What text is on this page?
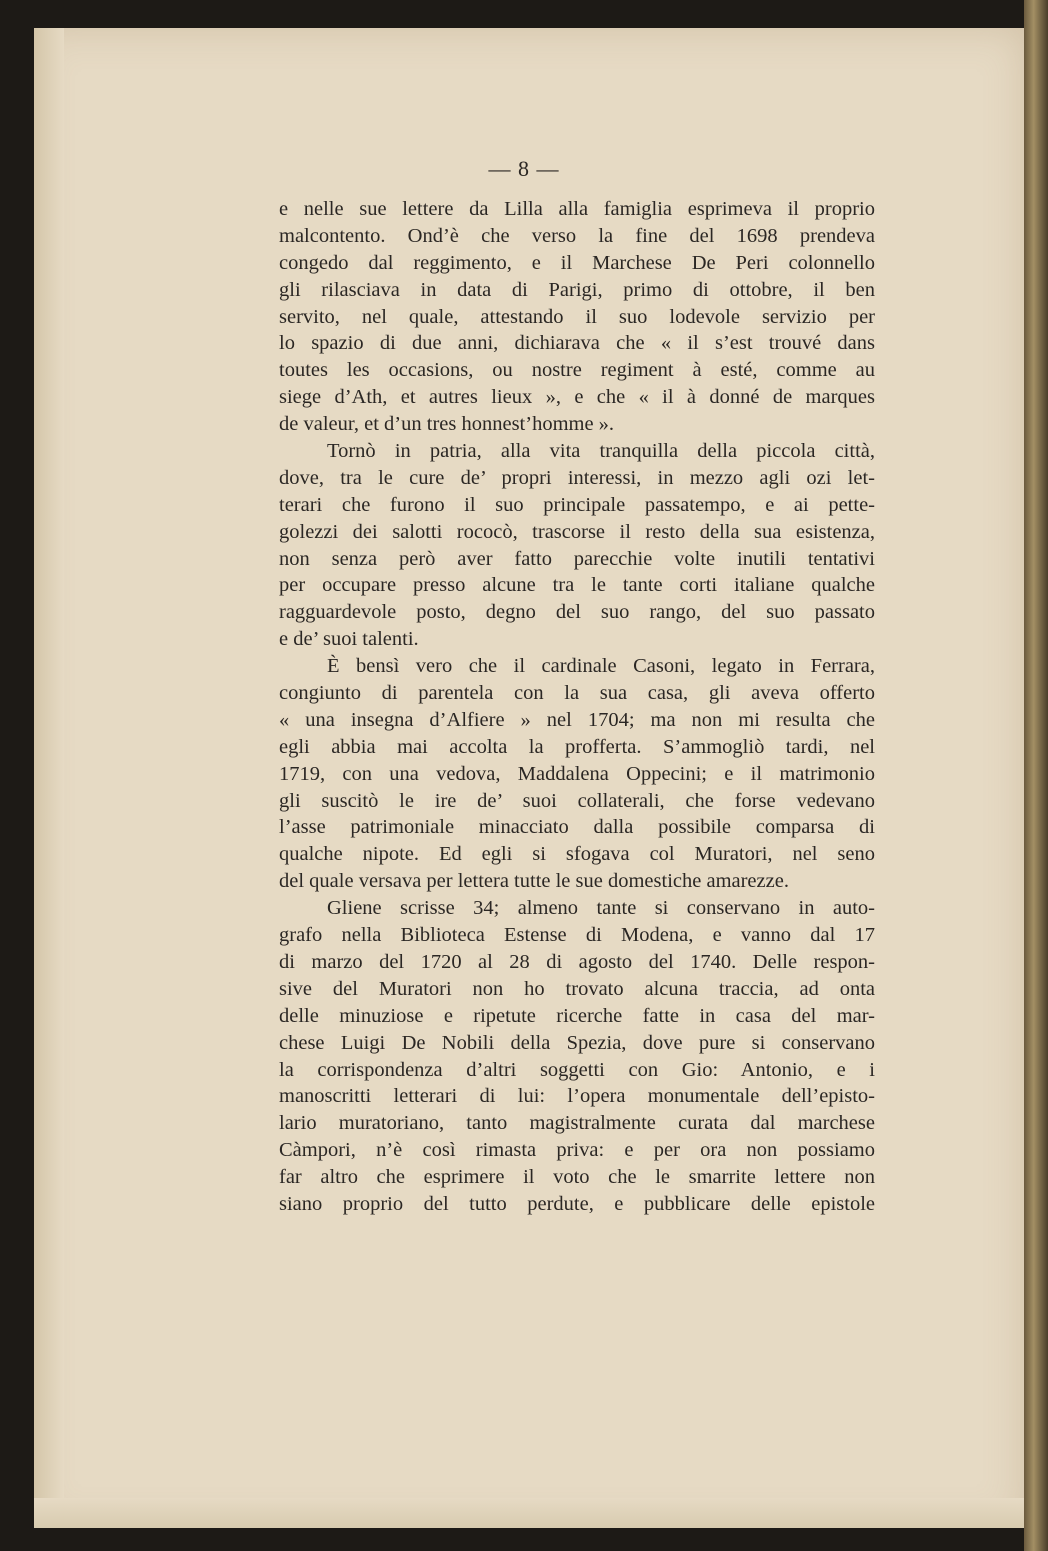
— 8 —
e nelle sue lettere da Lilla alla famiglia esprimeva il proprio
malcontento. Ond’è che verso la fine del 1698 prendeva
congedo dal reggimento, e il Marchese De Peri colonnello
gli rilasciava in data di Parigi, primo di ottobre, il ben
servito, nel quale, attestando il suo lodevole servizio per
lo spazio di due anni, dichiarava che « il s’est trouvé dans
toutes les occasions, ou nostre regiment à esté, comme au
siege d’Ath, et autres lieux », e che « il à donné de marques
de valeur, et d’un tres honnest’homme ».
Tornò in patria, alla vita tranquilla della piccola città,
dove, tra le cure de’ propri interessi, in mezzo agli ozi let-
terari che furono il suo principale passatempo, e ai pette-
golezzi dei salotti rococò, trascorse il resto della sua esistenza,
non senza però aver fatto parecchie volte inutili tentativi
per occupare presso alcune tra le tante corti italiane qualche
ragguardevole posto, degno del suo rango, del suo passato
e de’ suoi talenti.
È bensì vero che il cardinale Casoni, legato in Ferrara,
congiunto di parentela con la sua casa, gli aveva offerto
« una insegna d’Alfiere » nel 1704; ma non mi resulta che
egli abbia mai accolta la profferta. S’ammogliò tardi, nel
1719, con una vedova, Maddalena Oppecini; e il matrimonio
gli suscitò le ire de’ suoi collaterali, che forse vedevano
l’asse patrimoniale minacciato dalla possibile comparsa di
qualche nipote. Ed egli si sfogava col Muratori, nel seno
del quale versava per lettera tutte le sue domestiche amarezze.
Gliene scrisse 34; almeno tante si conservano in auto-
grafo nella Biblioteca Estense di Modena, e vanno dal 17
di marzo del 1720 al 28 di agosto del 1740. Delle respon-
sive del Muratori non ho trovato alcuna traccia, ad onta
delle minuziose e ripetute ricerche fatte in casa del mar-
chese Luigi De Nobili della Spezia, dove pure si conservano
la corrispondenza d’altri soggetti con Gio: Antonio, e i
manoscritti letterari di lui: l’opera monumentale dell’episto-
lario muratoriano, tanto magistralmente curata dal marchese
Càmpori, n’è così rimasta priva: e per ora non possiamo
far altro che esprimere il voto che le smarrite lettere non
siano proprio del tutto perdute, e pubblicare delle epistole
